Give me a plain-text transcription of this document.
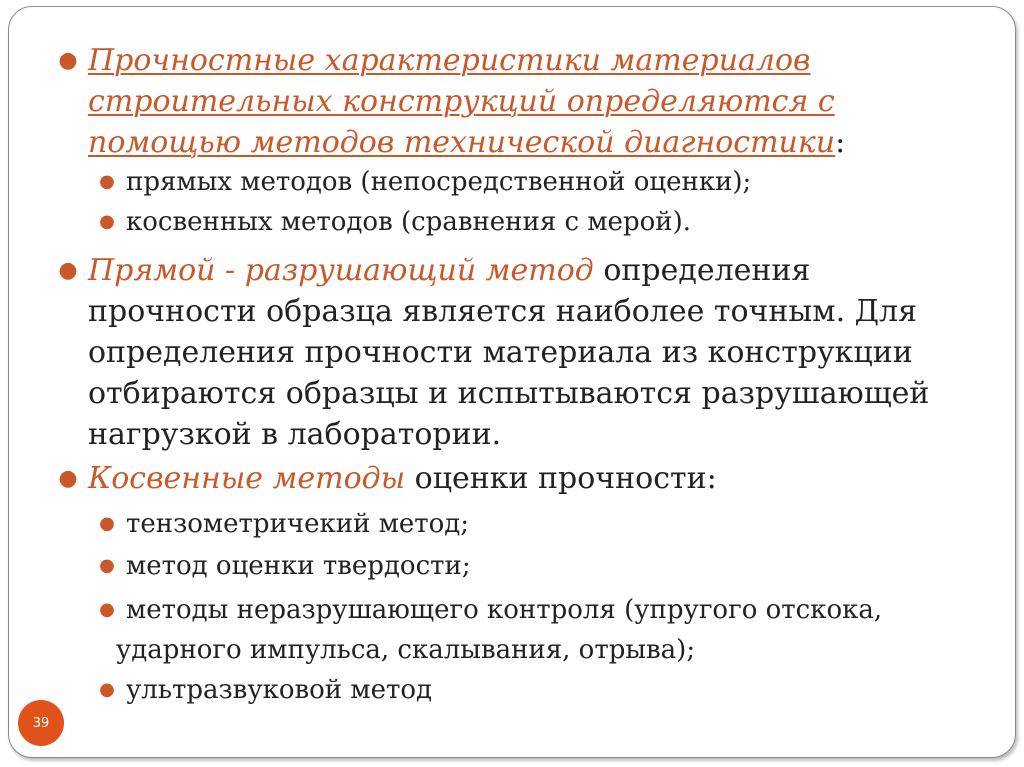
● Прочностные характеристики материалов
строительных конструкций определяются с
помощью методов технической диагностики:
● прямых методов (непосредственной оценки);
● косвенных методов (сравнения с мерой).
● Прямой - разрушающий метод определения
прочности образца является наиболее точным. Для
определения прочности материала из конструкции
отбираются образцы и испытываются разрушающей
нагрузкой в лаборатории.
● Косвенные методы оценки прочности:
● тензометричекий метод;
● метод оценки твердости;
● методы неразрушающего контроля (упругого отскока,

ударного импульса, скалывания, отрыва);
● ультразвуковой метод
39
